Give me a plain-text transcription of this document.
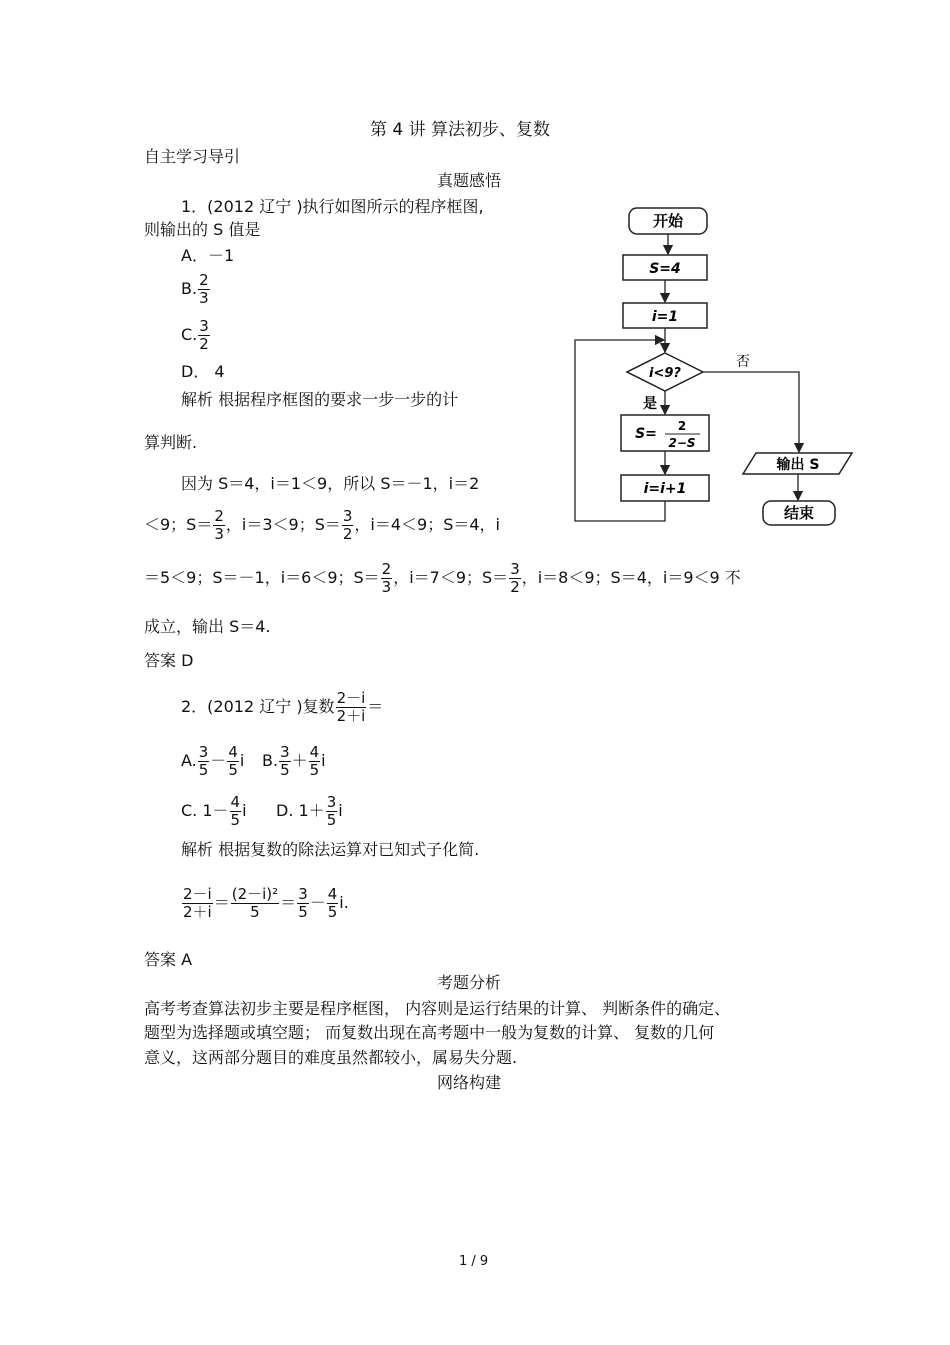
第 4 讲 算法初步、复数
自主学习导引
真题感悟
1．(2012 辽宁 )执行如图所示的程序框图,
则输出的 S 值是
A．－1
B. $\frac{2}{3}$
C. $\frac{3}{2}$
D． 4
解析 根据程序框图的要求一步一步的计
算判断.
因为 S＝4，i＝1＜9，所以 S＝－1，i＝2
＜9；$S= \frac{2}{3}$ ，i＝3＜9；$S= \frac{3}{2}$ ，i＝4＜9；S＝4，i
＝5＜9；S＝－1，i＝6＜9；$S= \frac{2}{3}$ ，i＝7＜9；$S= \frac{3}{2}$ ，i＝8＜9；S＝4，i＝9＜9 不
成立，输出 S＝4.
答案 D
开始
S=4
i=1
i<9?
否
是
S= 2
2−S
i=i+1
输出 S
结束
2．(2012 辽宁 )复数 $\frac{2-i}{2+i}$ ＝
A. $\frac{3}{5} - \frac{4}{5}$ i B. $\frac{3}{5} + \frac{4}{5}$ i
C. $1- \frac{4}{5}$ i D. $1+ \frac{3}{5}$ i
解析 根据复数的除法运算对已知式子化简.
$\frac{2-i}{2+i} = \frac{\text{(2－i)²}}{5} = \frac{3}{5} - \frac{4}{5} i$.
答案 A
考题分析
高考考查算法初步主要是程序框图， 内容则是运行结果的计算、 判断条件的确定、
题型为选择题或填空题； 而复数出现在高考题中一般为复数的计算、 复数的几何
意义，这两部分题目的难度虽然都较小，属易失分题.
网络构建
1 / 9
